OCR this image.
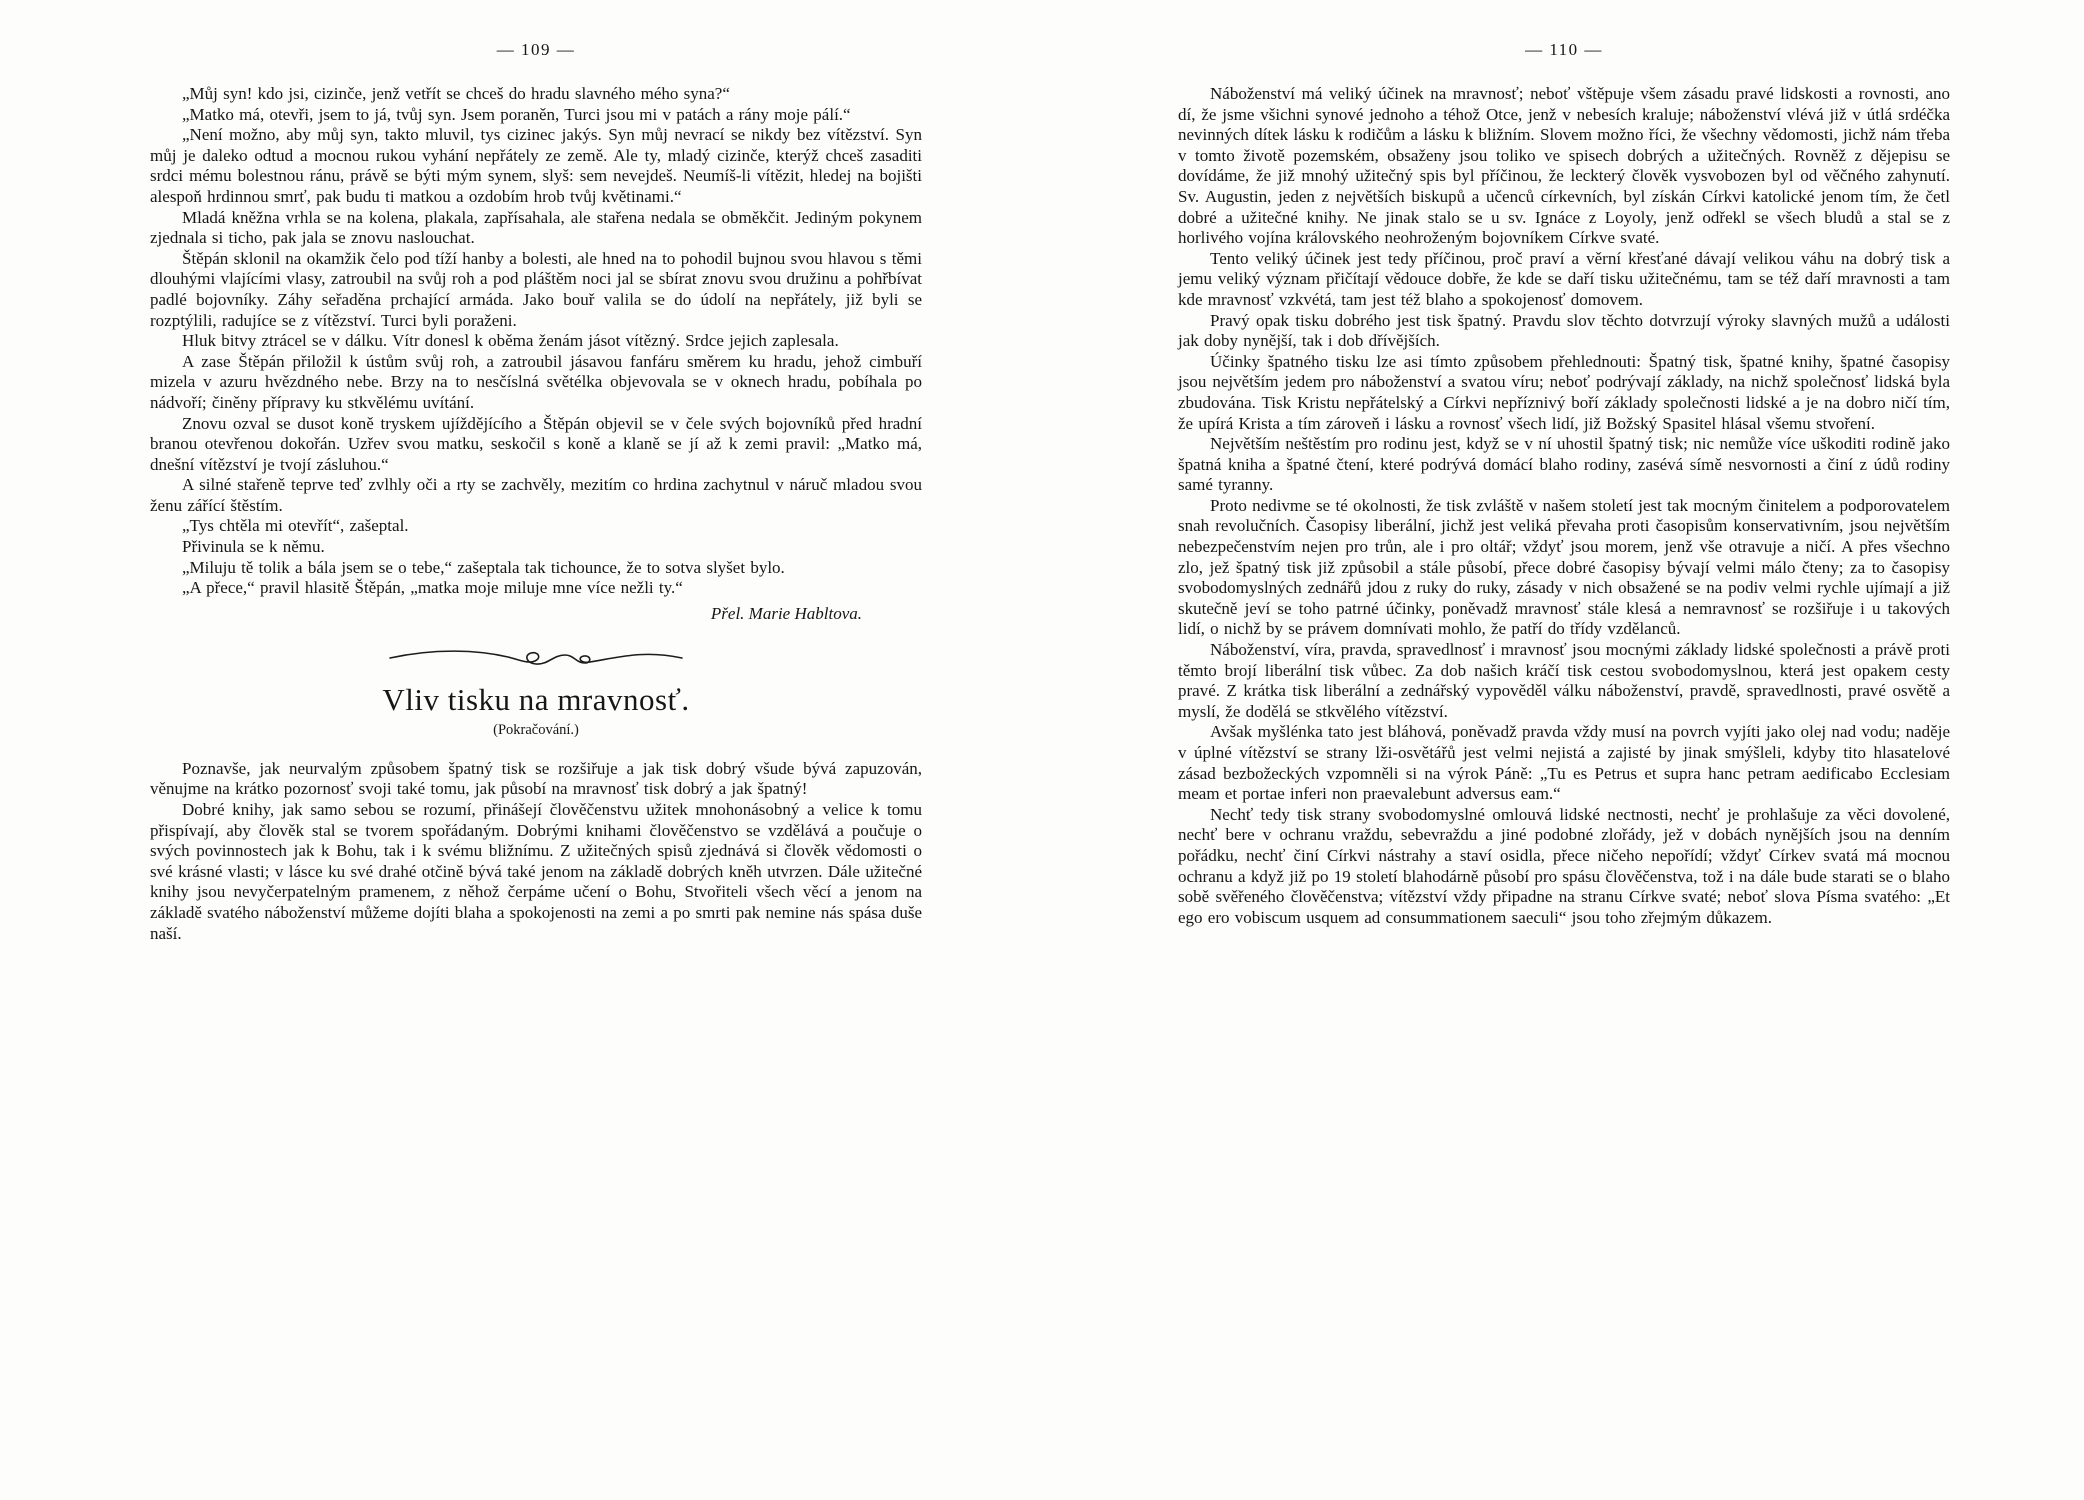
— 109 —

„Můj syn! kdo jsi, cizinče, jenž vetřít se chceš do hradu slavného mého syna?“

„Matko má, otevři, jsem to já, tvůj syn. Jsem poraněn, Turci jsou mi v patách a rány moje pálí.“

„Není možno, aby můj syn, takto mluvil, tys cizinec jakýs. Syn můj nevrací se nikdy bez vítězství. Syn můj je daleko odtud a mocnou rukou vyhání nepřátely ze země. Ale ty, mladý cizinče, kterýž chceš zasaditi srdci mému bolestnou ránu, právě se býti mým synem, slyš: sem nevejdeš. Neumíš-li vítězit, hledej na bojišti alespoň hrdinnou smrť, pak budu ti matkou a ozdobím hrob tvůj květinami.“

Mladá kněžna vrhla se na kolena, plakala, zapřísahala, ale stařena nedala se obměkčit. Jediným pokynem zjednala si ticho, pak jala se znovu naslouchat.

Štěpán sklonil na okamžik čelo pod tíží hanby a bolesti, ale hned na to pohodil bujnou svou hlavou s těmi dlouhými vlajícími vlasy, zatroubil na svůj roh a pod pláštěm noci jal se sbírat znovu svou družinu a pohřbívat padlé bojovníky. Záhy seřaděna prchající armáda. Jako bouř valila se do údolí na nepřátely, již byli se rozptýlili, radujíce se z vítězství. Turci byli poraženi.

Hluk bitvy ztrácel se v dálku. Vítr donesl k oběma ženám jásot vítězný. Srdce jejich zaplesala.

A zase Štěpán přiložil k ústům svůj roh, a zatroubil jásavou fanfáru směrem ku hradu, jehož cimbuří mizela v azuru hvězdného nebe. Brzy na to nesčíslná světélka objevovala se v oknech hradu, pobíhala po nádvoří; činěny přípravy ku stkvělému uvítání.

Znovu ozval se dusot koně tryskem ujíždějícího a Štěpán objevil se v čele svých bojovníků před hradní branou otevřenou dokořán. Uzřev svou matku, seskočil s koně a klaně se jí až k zemi pravil: „Matko má, dnešní vítězství je tvojí zásluhou.“

A silné stařeně teprve teď zvlhly oči a rty se zachvěly, mezitím co hrdina zachytnul v náruč mladou svou ženu zářící štěstím.

„Tys chtěla mi otevřít“, zašeptal.

Přivinula se k němu.

„Miluju tě tolik a bála jsem se o tebe,“ zašeptala tak tichounce, že to sotva slyšet bylo.

„A přece,“ pravil hlasitě Štěpán, „matka moje miluje mne více nežli ty.“

Přel. Marie Habltova.

Vliv tisku na mravnosť.
(Pokračování.)

Poznavše, jak neurvalým způsobem špatný tisk se rozšiřuje a jak tisk dobrý všude bývá zapuzován, věnujme na krátko pozornosť svoji také tomu, jak působí na mravnosť tisk dobrý a jak špatný!

Dobré knihy, jak samo sebou se rozumí, přinášejí člověčenstvu užitek mnohonásobný a velice k tomu přispívají, aby člověk stal se tvorem spořádaným. Dobrými knihami člověčenstvo se vzdělává a poučuje o svých povinnostech jak k Bohu, tak i k svému bližnímu. Z užitečných spisů zjednává si člověk vědomosti o své krásné vlasti; v lásce ku své drahé otčině bývá také jenom na základě dobrých kněh utvrzen. Dále užitečné knihy jsou nevyčerpatelným pramenem, z něhož čerpáme učení o Bohu, Stvořiteli všech věcí a jenom na základě svatého náboženství můžeme dojíti blaha a spokojenosti na zemi a po smrti pak nemine nás spása duše naší.

— 110 —

Náboženství má veliký účinek na mravnosť; neboť vštěpuje všem zásadu pravé lidskosti a rovnosti, ano dí, že jsme všichni synové jednoho a téhož Otce, jenž v nebesích kraluje; náboženství vlévá již v útlá srdéčka nevinných dítek lásku k rodičům a lásku k bližním. Slovem možno říci, že všechny vědomosti, jichž nám třeba v tomto životě pozemském, obsaženy jsou toliko ve spisech dobrých a užitečných. Rovněž z dějepisu se dovídáme, že již mnohý užitečný spis byl příčinou, že leckterý člověk vysvobozen byl od věčného zahynutí. Sv. Augustin, jeden z největších biskupů a učenců církevních, byl získán Církvi katolické jenom tím, že četl dobré a užitečné knihy. Ne jinak stalo se u sv. Ignáce z Loyoly, jenž odřekl se všech bludů a stal se z horlivého vojína královského neohroženým bojovníkem Církve svaté.

Tento veliký účinek jest tedy příčinou, proč praví a věrní křesťané dávají velikou váhu na dobrý tisk a jemu veliký význam přičítají vědouce dobře, že kde se daří tisku užitečnému, tam se též daří mravnosti a tam kde mravnosť vzkvétá, tam jest též blaho a spokojenosť domovem.

Pravý opak tisku dobrého jest tisk špatný. Pravdu slov těchto dotvrzují výroky slavných mužů a události jak doby nynější, tak i dob dřívějších.

Účinky špatného tisku lze asi tímto způsobem přehlednouti: Špatný tisk, špatné knihy, špatné časopisy jsou největším jedem pro náboženství a svatou víru; neboť podrývají základy, na nichž společnosť lidská byla zbudována. Tisk Kristu nepřátelský a Církvi nepříznivý boří základy společnosti lidské a je na dobro ničí tím, že upírá Krista a tím zároveň i lásku a rovnosť všech lidí, již Božský Spasitel hlásal všemu stvoření.

Největším neštěstím pro rodinu jest, když se v ní uhostil špatný tisk; nic nemůže více uškoditi rodině jako špatná kniha a špatné čtení, které podrývá domácí blaho rodiny, zasévá símě nesvornosti a činí z údů rodiny samé tyranny.

Proto nedivme se té okolnosti, že tisk zvláště v našem století jest tak mocným činitelem a podporovatelem snah revolučních. Časopisy liberální, jichž jest veliká převaha proti časopisům konservativním, jsou největším nebezpečenstvím nejen pro trůn, ale i pro oltář; vždyť jsou morem, jenž vše otravuje a ničí. A přes všechno zlo, jež špatný tisk již způsobil a stále působí, přece dobré časopisy bývají velmi málo čteny; za to časopisy svobodomyslných zednářů jdou z ruky do ruky, zásady v nich obsažené se na podiv velmi rychle ujímají a již skutečně jeví se toho patrné účinky, poněvadž mravnosť stále klesá a nemravnosť se rozšiřuje i u takových lidí, o nichž by se právem domnívati mohlo, že patří do třídy vzdělanců.

Náboženství, víra, pravda, spravedlnosť i mravnosť jsou mocnými základy lidské společnosti a právě proti těmto brojí liberální tisk vůbec. Za dob našich kráčí tisk cestou svobodomyslnou, která jest opakem cesty pravé. Z krátka tisk liberální a zednářský vypověděl válku náboženství, pravdě, spravedlnosti, pravé osvětě a myslí, že dodělá se stkvělého vítězství.

Avšak myšlénka tato jest bláhová, poněvadž pravda vždy musí na povrch vyjíti jako olej nad vodu; naděje v úplné vítězství se strany lži-osvětářů jest velmi nejistá a zajisté by jinak smýšleli, kdyby tito hlasatelové zásad bezbožeckých vzpomněli si na výrok Páně: „Tu es Petrus et supra hanc petram aedificabo Ecclesiam meam et portae inferi non praevalebunt adversus eam.“

Nechť tedy tisk strany svobodomyslné omlouvá lidské nectnosti, nechť je prohlašuje za věci dovolené, nechť bere v ochranu vraždu, sebevraždu a jiné podobné zlořády, jež v dobách nynějších jsou na denním pořádku, nechť činí Církvi nástrahy a staví osidla, přece ničeho nepořídí; vždyť Církev svatá má mocnou ochranu a když již po 19 století blahodárně působí pro spásu člověčenstva, tož i na dále bude starati se o blaho sobě svěřeného člověčenstva; vítězství vždy připadne na stranu Církve svaté; neboť slova Písma svatého: „Et ego ero vobiscum usquem ad consummationem saeculi“ jsou toho zřejmým důkazem.
